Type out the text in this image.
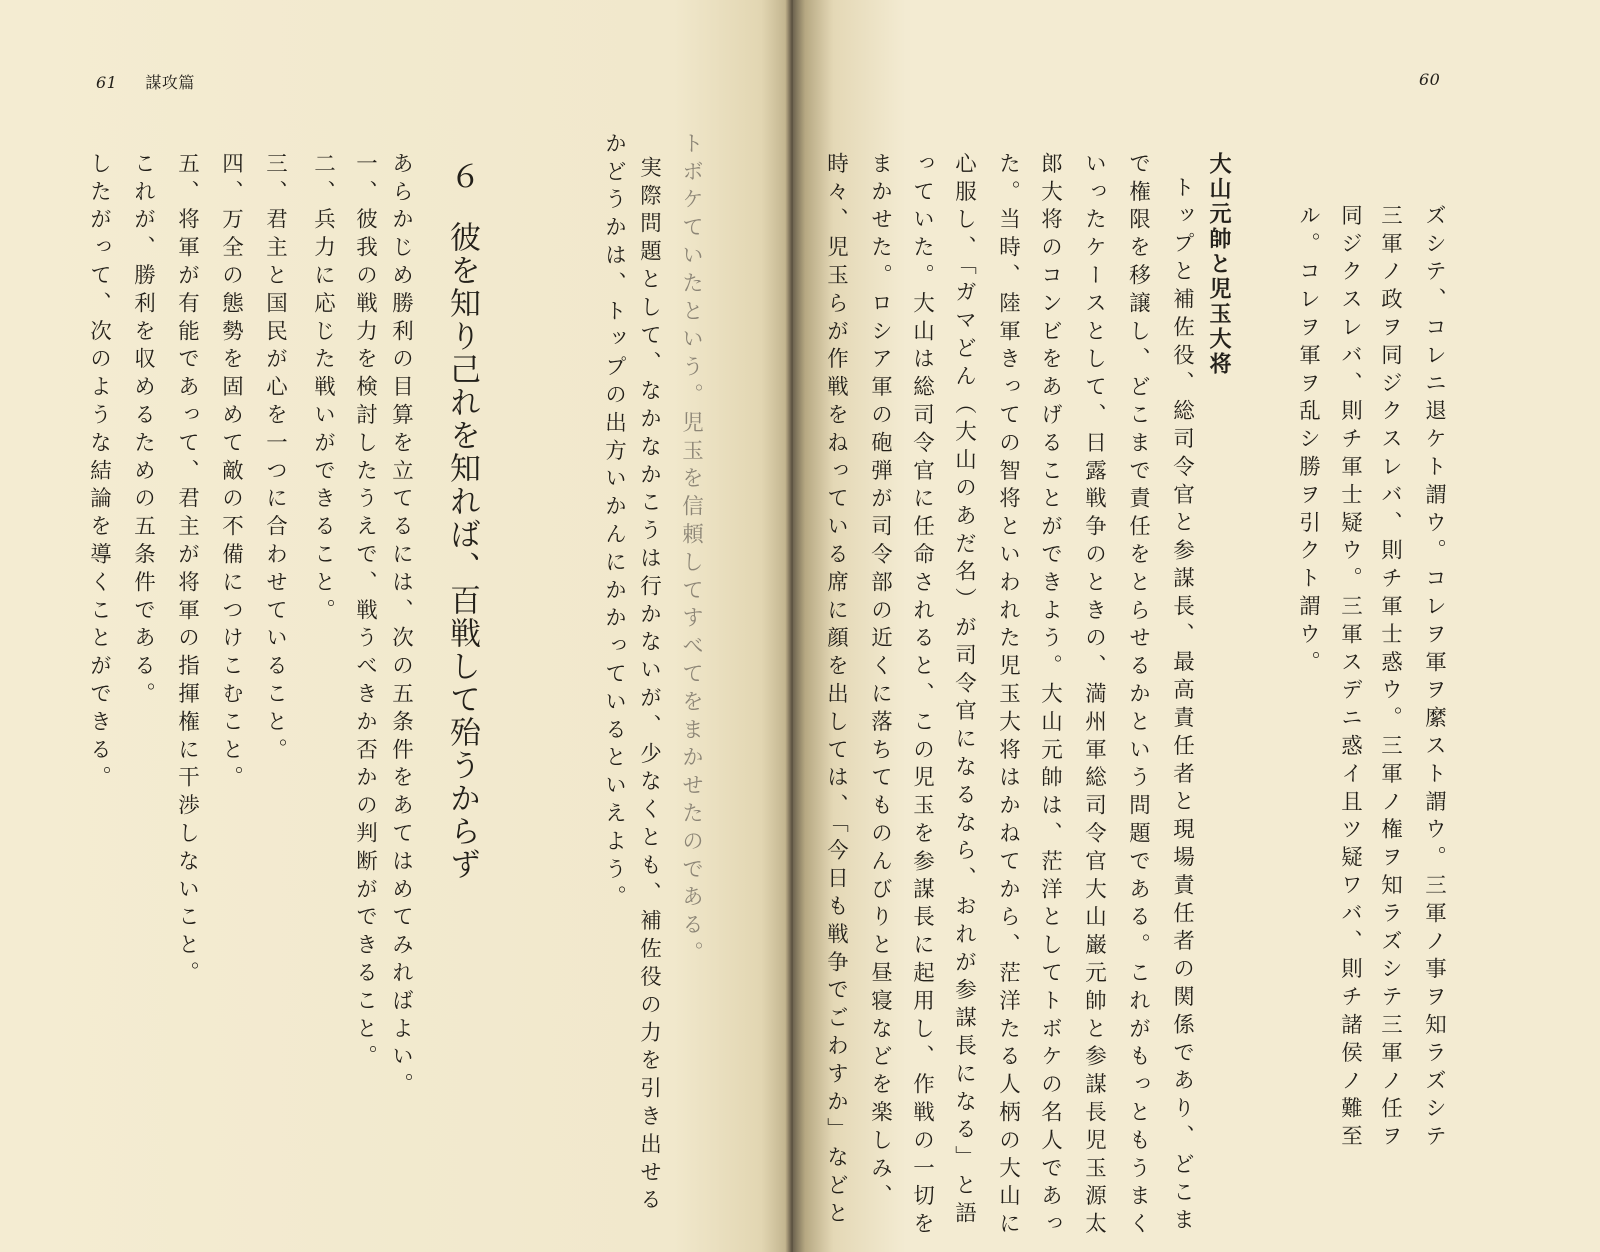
61 謀攻篇
トボケていたという。児玉を信頼してすべてをまかせたのである。
実際問題として、なかなかこうは行かないが、少なくとも、補佐役の力を引き出せる
かどうかは、トップの出方いかんにかかっているといえよう。
６彼を知り己れを知れば、百戦して殆うからず
あらかじめ勝利の目算を立てるには、次の五条件をあてはめてみればよい。
一、彼我の戦力を検討したうえで、戦うべきか否かの判断ができること。
二、兵力に応じた戦いができること。
三、君主と国民が心を一つに合わせていること。
四、万全の態勢を固めて敵の不備につけこむこと。
五、将軍が有能であって、君主が将軍の指揮権に干渉しないこと。
これが、勝利を収めるための五条件である。
したがって、次のような結論を導くことができる。
60
ズシテ、コレニ退ケト謂ウ。コレヲ軍ヲ縻スト謂ウ。三軍ノ事ヲ知ラズシテ
三軍ノ政ヲ同ジクスレバ、則チ軍士惑ウ。三軍ノ権ヲ知ラズシテ三軍ノ任ヲ
同ジクスレバ、則チ軍士疑ウ。三軍スデニ惑イ且ツ疑ワバ、則チ諸侯ノ難至
ル。コレヲ軍ヲ乱シ勝ヲ引クト謂ウ。
大山元帥と児玉大将
トップと補佐役、総司令官と参謀長、最高責任者と現場責任者の関係であり、どこま
で権限を移譲し、どこまで責任をとらせるかという問題である。これがもっともうまく
いったケースとして、日露戦争のときの、満州軍総司令官大山巌元帥と参謀長児玉源太
郎大将のコンビをあげることができよう。大山元帥は、茫洋としてトボケの名人であっ
た。当時、陸軍きっての智将といわれた児玉大将はかねてから、茫洋たる人柄の大山に
心服し、「ガマどん（大山のあだ名）が司令官になるなら、おれが参謀長になる」と語
っていた。大山は総司令官に任命されると、この児玉を参謀長に起用し、作戦の一切を
まかせた。ロシア軍の砲弾が司令部の近くに落ちてものんびりと昼寝などを楽しみ、
時々、児玉らが作戦をねっている席に顔を出しては、「今日も戦争でごわすか」などと
